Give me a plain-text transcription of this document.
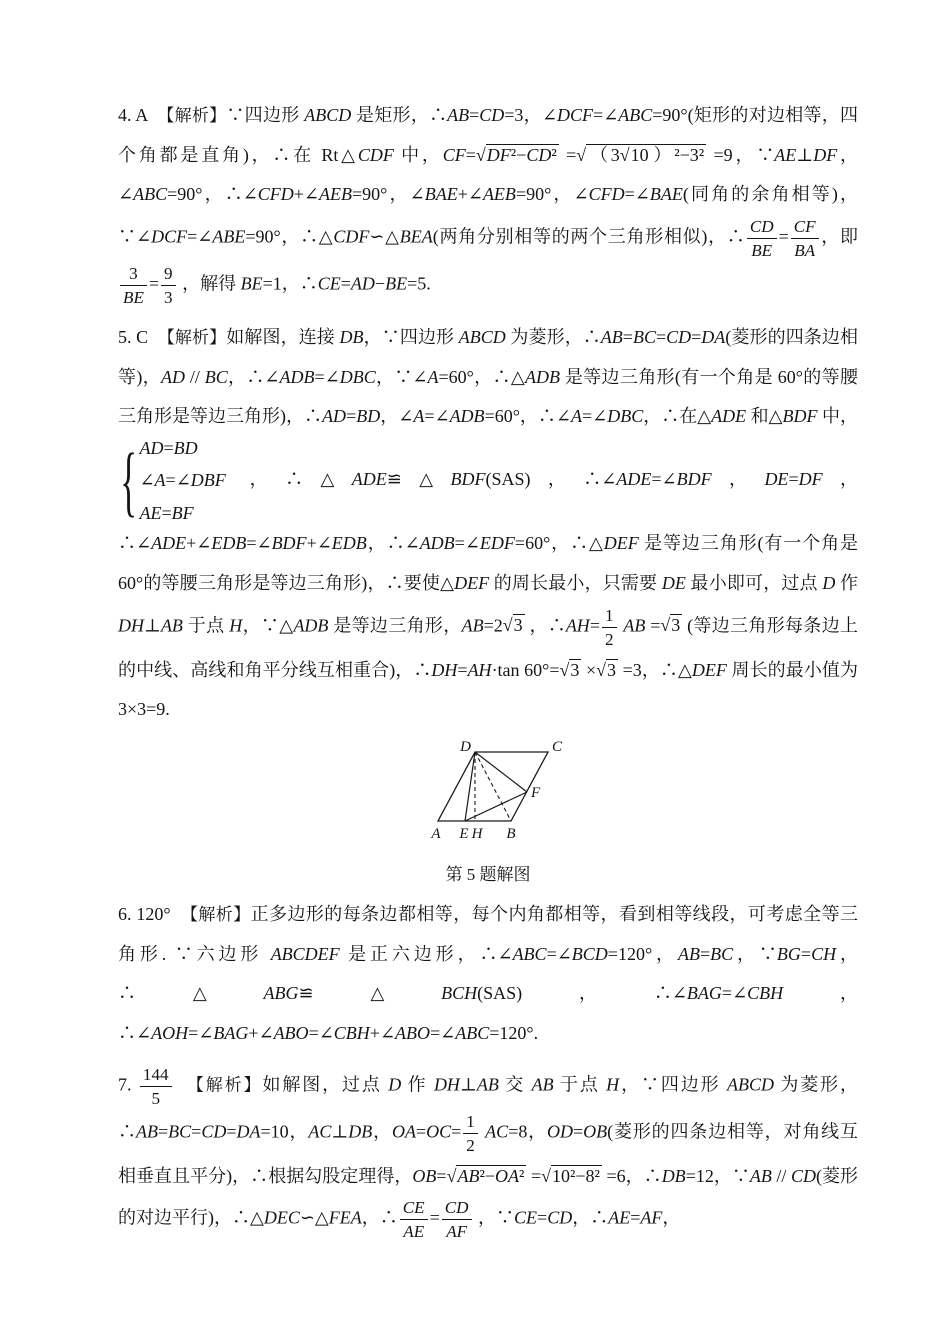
4. A　【解析】∵四边形 ABCD 是矩形，∴AB=CD=3，∠DCF=∠ABC=90°(矩形的对边相等，四个角都是直角)，∴在 Rt△CDF 中，CF=√DF²−CD² =√（3√10 ）²−3² =9，∵AE⊥DF，∠ABC=90°，∴∠CFD+∠AEB=90°，∠BAE+∠AEB=90°，∠CFD=∠BAE(同角的余角相等)，∵∠DCF=∠ABE=90°，∴△CDF∽△BEA(两角分别相等的两个三角形相似)，∴ $\frac{CD}{BE} = \frac{CF}{BA}$ ，即
$\frac{3}{BE} = \frac{9}{3}$ ，解得 BE=1，∴CE=AD−BE=5.
5. C　【解析】如解图，连接 DB，∵四边形 ABCD 为菱形，∴AB=BC=CD=DA(菱形的四条边相等)，AD // BC，∴∠ADB=∠DBC，∵∠A=60°，∴△ADB 是等边三角形(有一个角是 60°的等腰三角形是等边三角形)，∴AD=BD，∠A=∠ADB=60°，∴∠A=∠DBC，∴在△ADE 和△BDF 中，
{ AD=BD
∠A=∠DBF
AE=BF
，∴△ADE≌△BDF(SAS)，∴∠ADE=∠BDF，DE=DF，∴∠ADE+∠EDB=∠BDF+∠EDB，∴∠ADB=∠EDF=60°，∴△DEF 是等边三角形(有一个角是 60°的等腰三角形是等边三角形)，∴要使△DEF 的周长最小，只需要 DE 最小即可，过点 D 作 DH⊥AB 于点 H，∵△ADB 是等边三角形，AB=2√3 ，∴AH= $\frac{1}{2}$ AB =√3 (等边三角形每条边上的中线、高线和角平分线互相重合)，∴DH=AH·tan 60°=√3 ×√3 =3，∴△DEF 周长的最小值为 3×3=9.
D	C
A E H B
F
第 5 题解图
6. 120°　【解析】正多边形的每条边都相等，每个内角都相等，看到相等线段，可考虑全等三角形. ∵六边形 ABCDEF 是正六边形，∴∠ABC=∠BCD=120°，AB=BC，∵BG=CH，∴△ABG≌△BCH(SAS)，∴∠BAG=∠CBH，∴∠AOH=∠BAG+∠ABO=∠CBH+∠ABO=∠ABC=120°.
7. $\frac{144}{5}$
　 【解析】如解图，过点 D 作 DH⊥AB 交 AB 于点 H，∵四边形 ABCD 为菱形，∴AB=BC=CD=DA=10，AC⊥DB，$OA=OC= \frac{1}{2} AC=8$，OD=OB(菱形的四条边相等，对角线互相垂直且平分)，∴根据勾股定理得，OB=√AB²−OA² =√10²−8² =6，∴DB=12，∵AB // CD(菱形的对边平行)，∴△DEC∽△FEA，∴ $\frac{CE}{AE} = \frac{CD}{AF}$ ，∵CE=CD，∴AE=AF，
